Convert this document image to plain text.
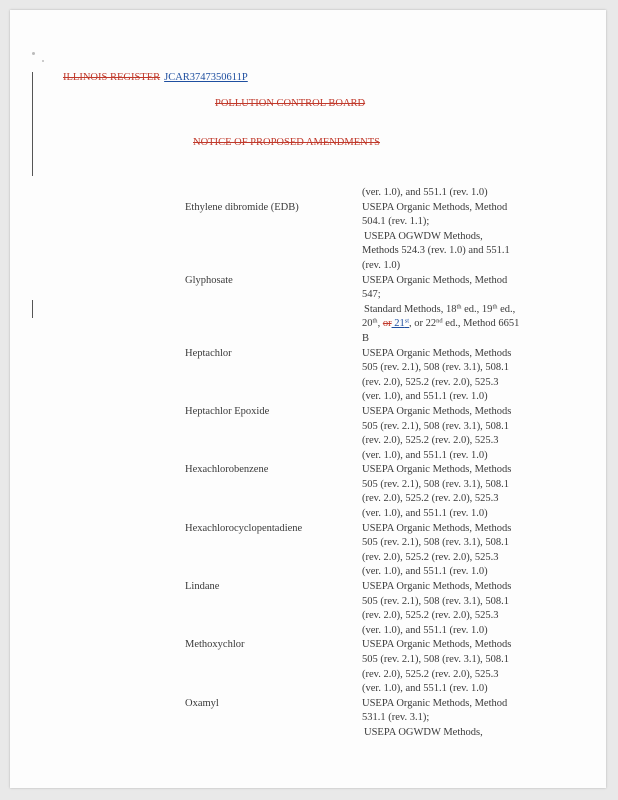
ILLINOIS REGISTER JCAR3747350611P
POLLUTION CONTROL BOARD
NOTICE OF PROPOSED AMENDMENTS
(ver. 1.0), and 551.1 (rev. 1.0)
Ethylene dibromide (EDB)	USEPA Organic Methods, Method
504.1 (rev. 1.1);
USEPA OGWDW Methods,
Methods 524.3 (rev. 1.0) and 551.1
(rev. 1.0)
Glyphosate	USEPA Organic Methods, Method
547;
Standard Methods, 18th ed., 19th ed.,
20th, or 21st, or 22nd ed., Method 6651
B
Heptachlor	USEPA Organic Methods, Methods
505 (rev. 2.1), 508 (rev. 3.1), 508.1
(rev. 2.0), 525.2 (rev. 2.0), 525.3
(ver. 1.0), and 551.1 (rev. 1.0)
Heptachlor Epoxide	USEPA Organic Methods, Methods
505 (rev. 2.1), 508 (rev. 3.1), 508.1
(rev. 2.0), 525.2 (rev. 2.0), 525.3
(ver. 1.0), and 551.1 (rev. 1.0)
Hexachlorobenzene	USEPA Organic Methods, Methods
505 (rev. 2.1), 508 (rev. 3.1), 508.1
(rev. 2.0), 525.2 (rev. 2.0), 525.3
(ver. 1.0), and 551.1 (rev. 1.0)
Hexachlorocyclopentadiene	USEPA Organic Methods, Methods
505 (rev. 2.1), 508 (rev. 3.1), 508.1
(rev. 2.0), 525.2 (rev. 2.0), 525.3
(ver. 1.0), and 551.1 (rev. 1.0)
Lindane	USEPA Organic Methods, Methods
505 (rev. 2.1), 508 (rev. 3.1), 508.1
(rev. 2.0), 525.2 (rev. 2.0), 525.3
(ver. 1.0), and 551.1 (rev. 1.0)
Methoxychlor	USEPA Organic Methods, Methods
505 (rev. 2.1), 508 (rev. 3.1), 508.1
(rev. 2.0), 525.2 (rev. 2.0), 525.3
(ver. 1.0), and 551.1 (rev. 1.0)
Oxamyl	USEPA Organic Methods, Method
531.1 (rev. 3.1);
USEPA OGWDW Methods,
